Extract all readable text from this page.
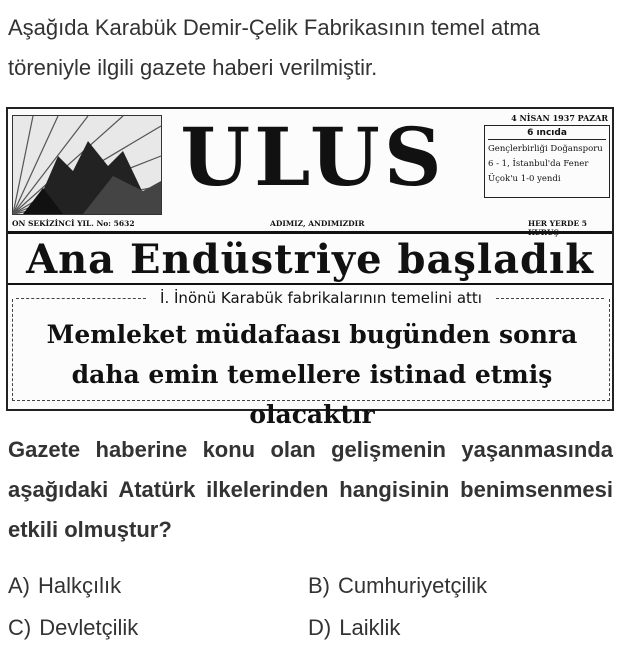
Aşağıda Karabük Demir-Çelik Fabrikasının temel atma töreniyle ilgili gazete haberi verilmiştir.
ULUS	4 NİSAN 1937 PAZAR
6 ıncıda
Gençlerbirliği Doğansporu 6 - 1, İstanbul'da Fener Üçok'u 1-0 yendi
ON SEKİZİNCİ YIL. No: 5632	ADIMIZ, ANDIMIZDIR	HER YERDE 5
Ana Endüstriye başladık
İ. İnönü Karabük fabrikalarının temelini attı
Memleket müdafaası bugünden sonra daha emin temellere istinad etmiş olacaktır
Gazete haberine konu olan gelişmenin yaşanmasında aşağıdaki Atatürk ilkelerinden hangisinin benimsenmesi etkili olmuştur?
A) Halkçılık	B) Cumhuriyetçilik
C) Devletçilik	D) Laiklik
